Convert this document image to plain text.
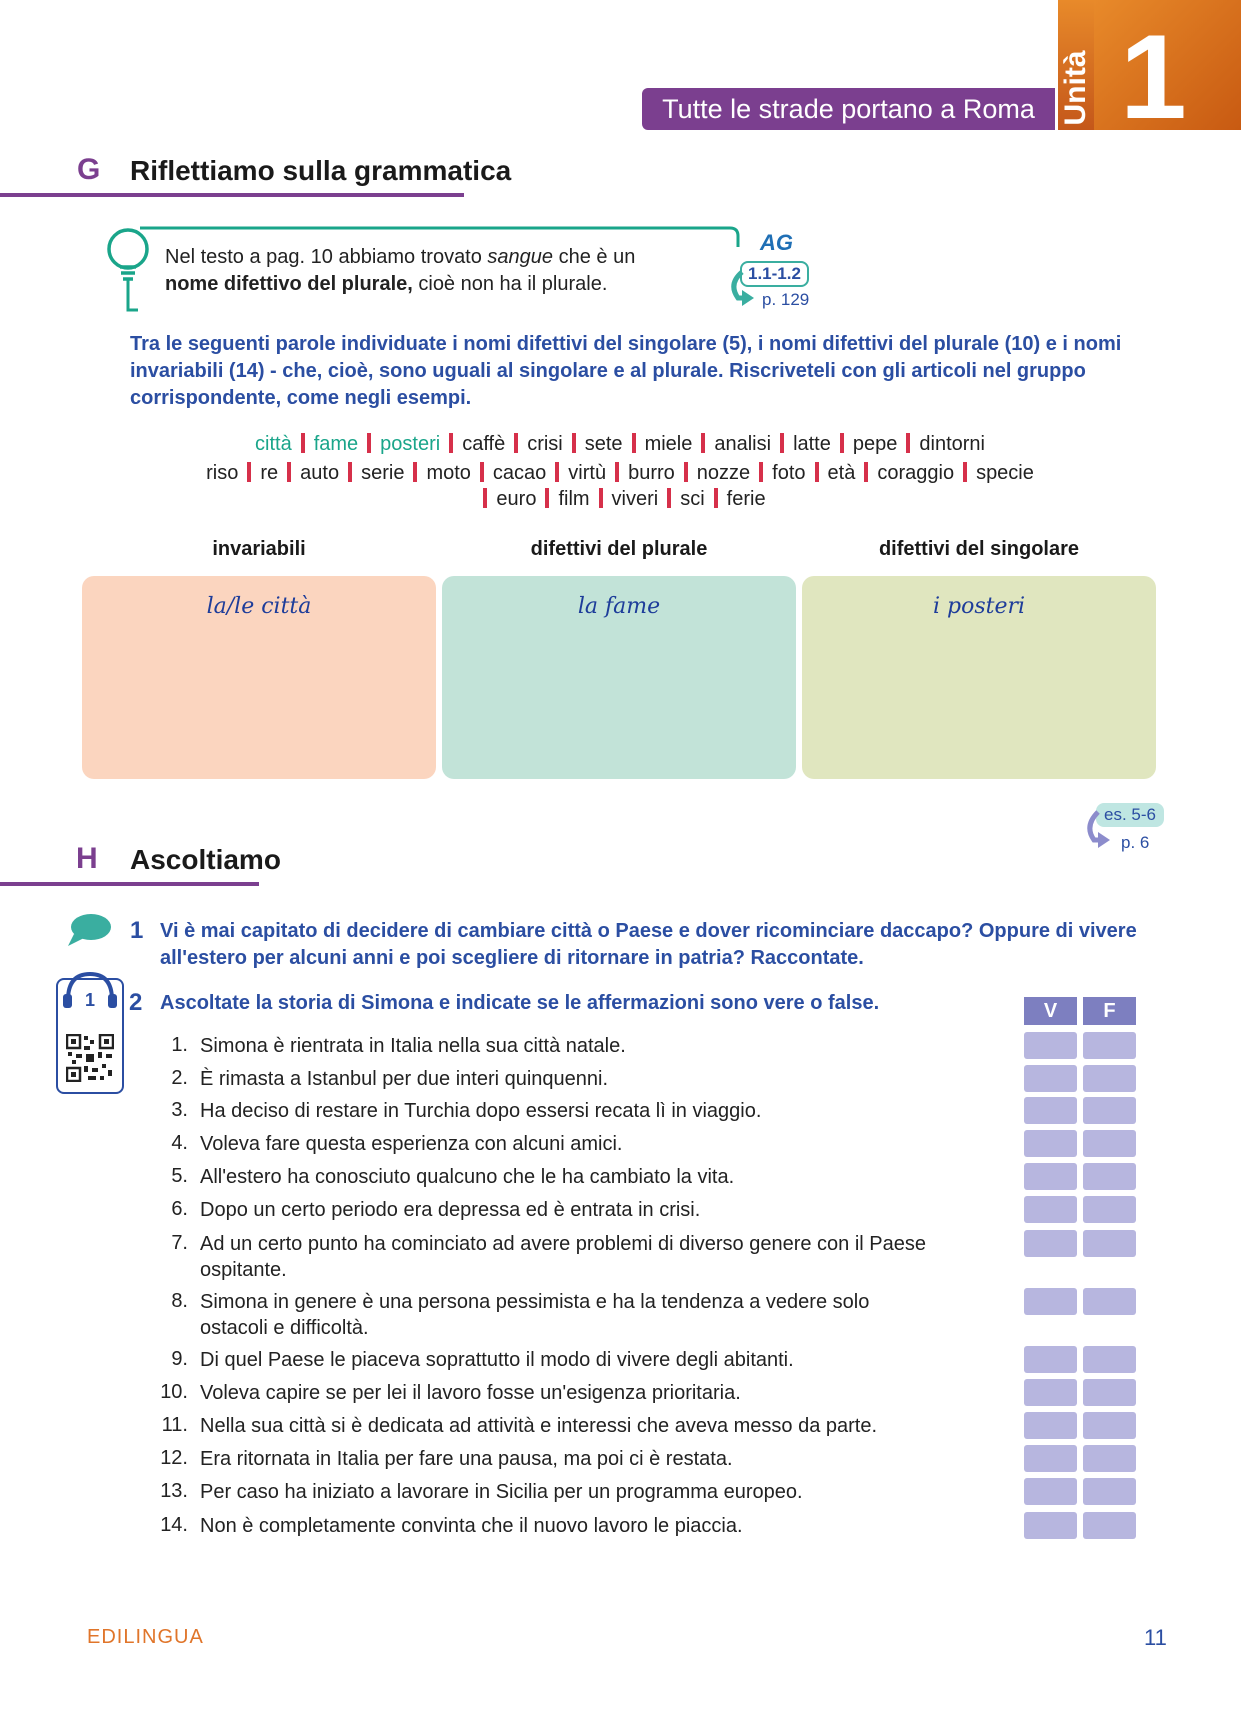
Tutte le strade portano a Roma Unità 1
G Riflettiamo sulla grammatica
Nel testo a pag. 10 abbiamo trovato sangue che è un
nome difettivo del plurale, cioè non ha il plurale.
AG
1.1-1.2
p. 129
Tra le seguenti parole individuate i nomi difettivi del singolare (5), i nomi difettivi del plurale (10) e i nomi invariabili (14) - che, cioè, sono uguali al singolare e al plurale. Riscriveteli con gli articoli nel gruppo corrispondente, come negli esempi.
città fame posteri caffè crisi sete miele analisi latte pepe dintorni
riso re auto serie moto cacao virtù burro nozze foto età coraggio specie
euro film viveri sci ferie
invariabili	difettivi del plurale	difettivi del singolare
la/le città	la fame	i posteri
es. 5-6
p. 6
H Ascoltiamo
1 Vi è mai capitato di decidere di cambiare città o Paese e dover ricominciare daccapo? Oppure di vivere all'estero per alcuni anni e poi scegliere di ritornare in patria? Raccontate.
1	2 Ascoltate la storia di Simona e indicate se le affermazioni sono vere o false.	V	F
1. Simona è rientrata in Italia nella sua città natale.
2. È rimasta a Istanbul per due interi quinquenni.
3. Ha deciso di restare in Turchia dopo essersi recata lì in viaggio.
4. Voleva fare questa esperienza con alcuni amici.
5. All'estero ha conosciuto qualcuno che le ha cambiato la vita.
6. Dopo un certo periodo era depressa ed è entrata in crisi.
7. Ad un certo punto ha cominciato ad avere problemi di diverso genere con il Paese ospitante.
8. Simona in genere è una persona pessimista e ha la tendenza a vedere solo ostacoli e difficoltà.
9. Di quel Paese le piaceva soprattutto il modo di vivere degli abitanti.
10. Voleva capire se per lei il lavoro fosse un'esigenza prioritaria.
11. Nella sua città si è dedicata ad attività e interessi che aveva messo da parte.
12. Era ritornata in Italia per fare una pausa, ma poi ci è restata.
13. Per caso ha iniziato a lavorare in Sicilia per un programma europeo.
14. Non è completamente convinta che il nuovo lavoro le piaccia.
EDILINGUA	11
